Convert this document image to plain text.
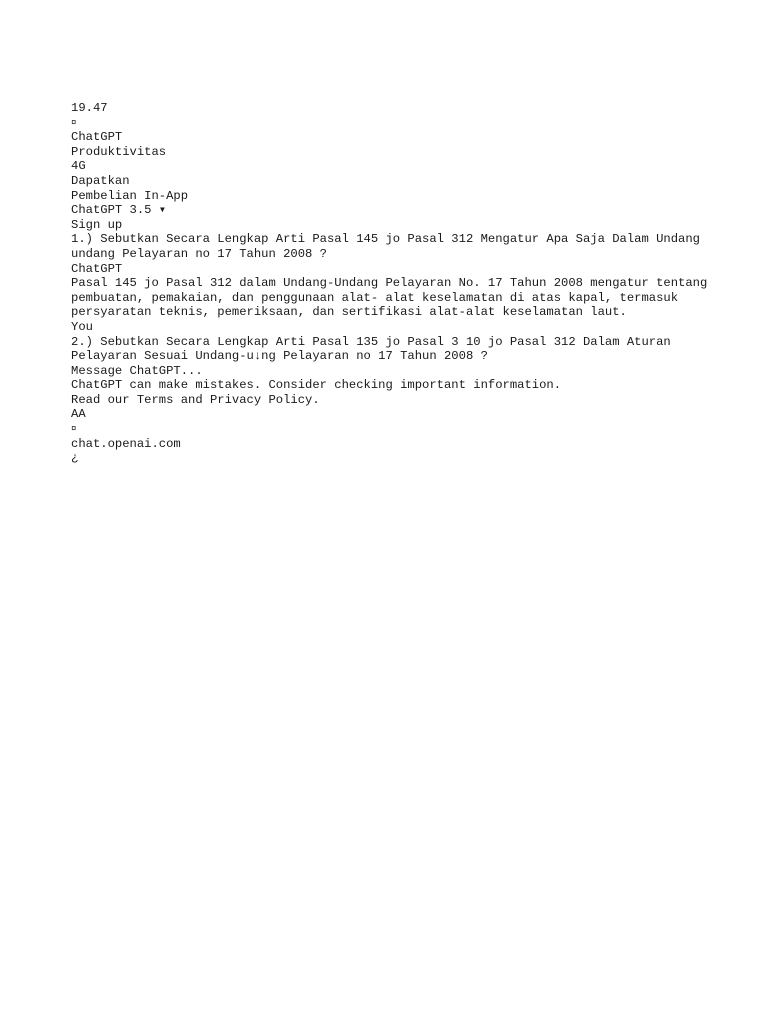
19.47
¤
ChatGPT
Produktivitas
4G
Dapatkan
Pembelian In-App
ChatGPT 3.5 ▾
Sign up
1.) Sebutkan Secara Lengkap Arti Pasal 145 jo Pasal 312 Mengatur Apa Saja Dalam Undang undang Pelayaran no 17 Tahun 2008 ?
ChatGPT
Pasal 145 jo Pasal 312 dalam Undang-Undang Pelayaran No. 17 Tahun 2008 mengatur tentang pembuatan, pemakaian, dan penggunaan alat- alat keselamatan di atas kapal, termasuk persyaratan teknis, pemeriksaan, dan sertifikasi alat-alat keselamatan laut.
You
2.) Sebutkan Secara Lengkap Arti Pasal 135 jo Pasal 3 10 jo Pasal 312 Dalam Aturan Pelayaran Sesuai Undang-u↓ng Pelayaran no 17 Tahun 2008 ?
Message ChatGPT...
ChatGPT can make mistakes. Consider checking important information.
Read our Terms and Privacy Policy.
AA
¤
chat.openai.com
¿
